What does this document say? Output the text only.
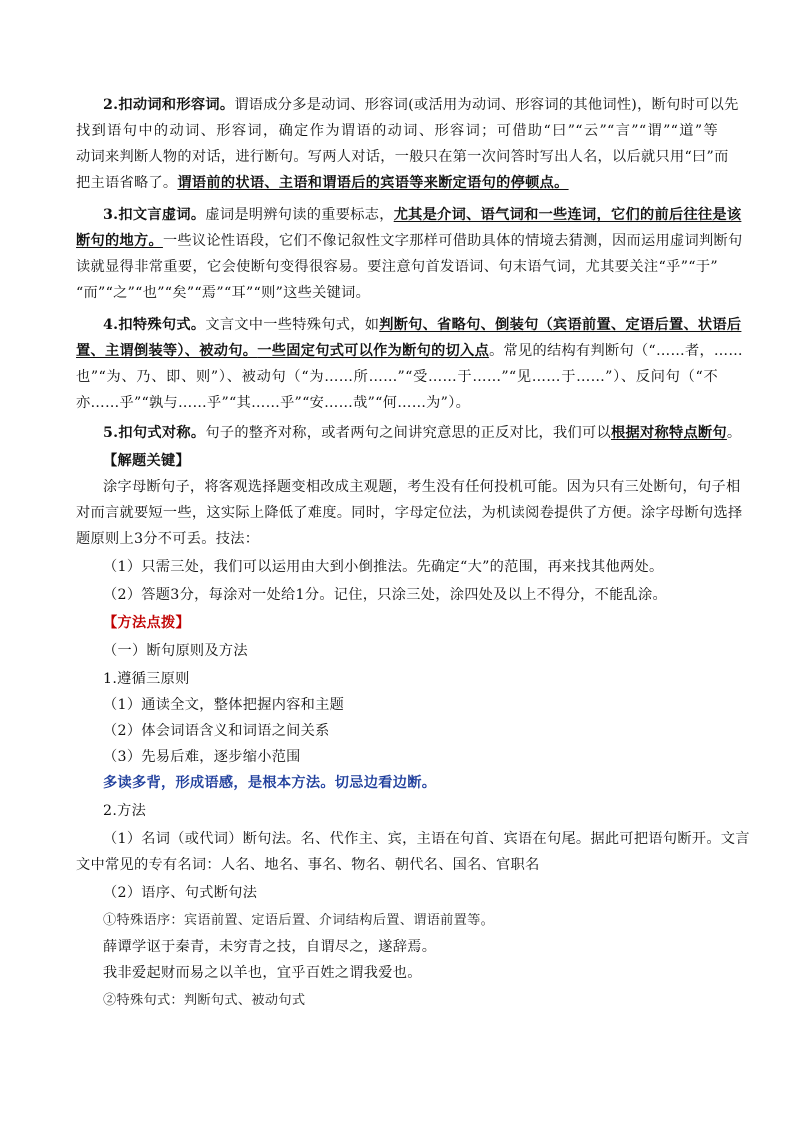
2.扣动词和形容词。谓语成分多是动词、形容词(或活用为动词、形容词的其他词性)，断句时可以先
找到语句中的动词、形容词，确定作为谓语的动词、形容词；可借助“曰”“云”“言”“谓”“道”等
动词来判断人物的对话，进行断句。写两人对话，一般只在第一次问答时写出人名，以后就只用“曰”而
把主语省略了。谓语前的状语、主语和谓语后的宾语等来断定语句的停顿点。
3.扣文言虚词。虚词是明辨句读的重要标志，尤其是介词、语气词和一些连词，它们的前后往往是该
断句的地方。一些议论性语段，它们不像记叙性文字那样可借助具体的情境去猜测，因而运用虚词判断句
读就显得非常重要，它会使断句变得很容易。要注意句首发语词、句末语气词，尤其要关注“乎”“于”
“而”“之”“也”“矣”“焉”“耳”“则”这些关键词。
4.扣特殊句式。文言文中一些特殊句式，如判断句、省略句、倒装句（宾语前置、定语后置、状语后
置、主谓倒装等）、被动句。一些固定句式可以作为断句的切入点。常见的结构有判断句（“……者，……
也”“为、乃、即、则”）、被动句（“为……所……”“受……于……”“见……于……”）、反问句（“不
亦……乎”“孰与……乎”“其……乎”“安……哉”“何……为”）。
5.扣句式对称。句子的整齐对称，或者两句之间讲究意思的正反对比，我们可以根据对称特点断句。
【解题关键】
涂字母断句子，将客观选择题变相改成主观题，考生没有任何投机可能。因为只有三处断句，句子相
对而言就要短一些，这实际上降低了难度。同时，字母定位法，为机读阅卷提供了方便。涂字母断句选择
题原则上3分不可丢。技法：
（1）只需三处，我们可以运用由大到小倒推法。先确定“大”的范围，再来找其他两处。
（2）答题3分，每涂对一处给1分。记住，只涂三处，涂四处及以上不得分，不能乱涂。
【方法点拨】
（一）断句原则及方法
1.遵循三原则
（1）通读全文，整体把握内容和主题
（2）体会词语含义和词语之间关系
（3）先易后难，逐步缩小范围
多读多背，形成语感，是根本方法。切忌边看边断。
2.方法
（1）名词（或代词）断句法。名、代作主、宾，主语在句首、宾语在句尾。据此可把语句断开。文言
文中常见的专有名词：人名、地名、事名、物名、朝代名、国名、官职名
（2）语序、句式断句法
①特殊语序：宾语前置、定语后置、介词结构后置、谓语前置等。
薛谭学讴于秦青，未穷青之技，自谓尽之，遂辞焉。
我非爱起财而易之以羊也，宜乎百姓之谓我爱也。
②特殊句式：判断句式、被动句式
